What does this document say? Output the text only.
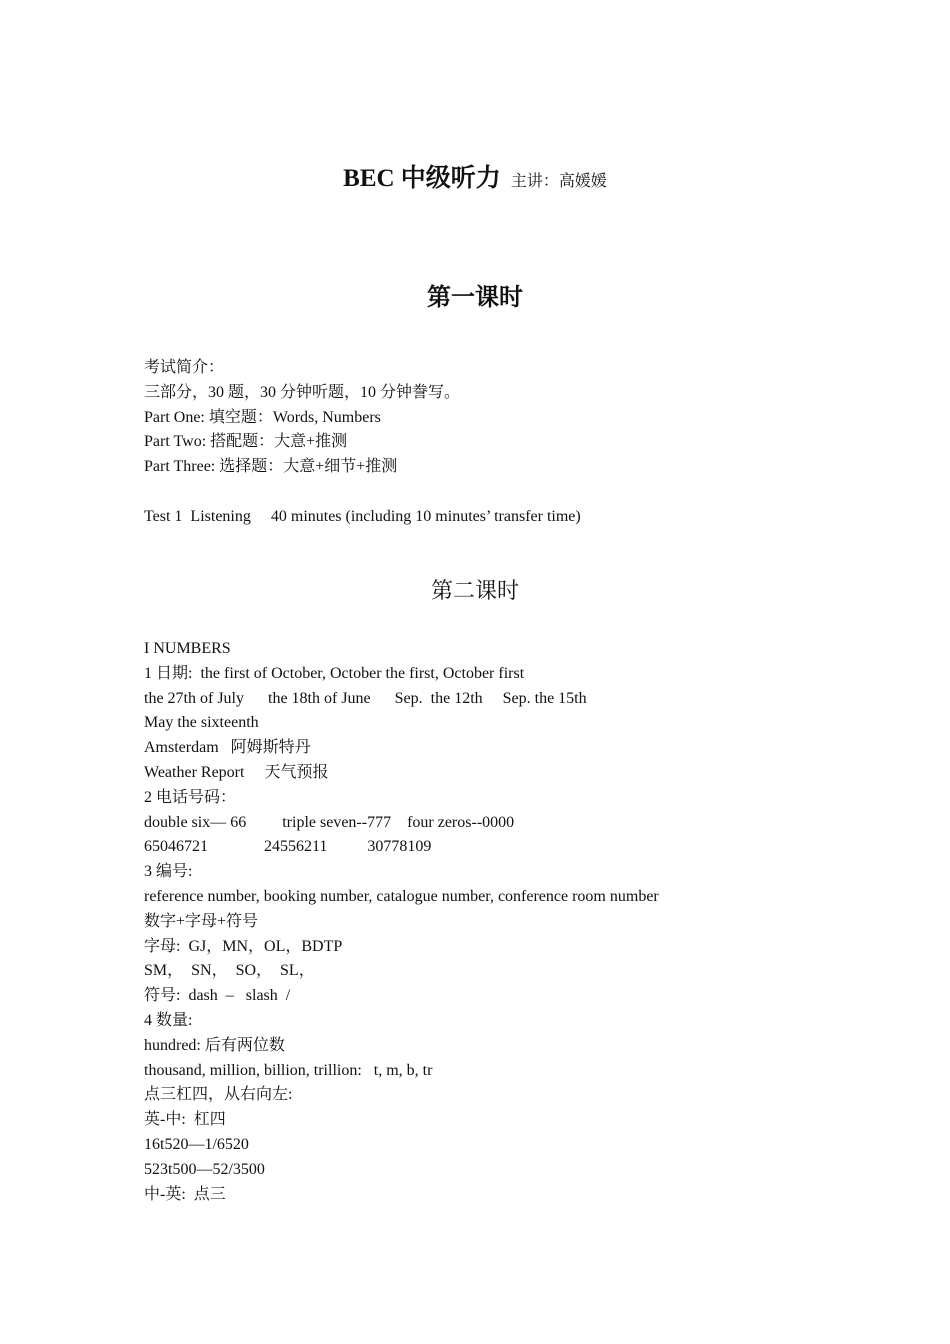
BEC 中级听力 主讲：高媛媛
第一课时
考试简介：
三部分，30 题，30 分钟听题，10 分钟誊写。
Part One: 填空题：Words, Numbers
Part Two: 搭配题：大意+推测
Part Three: 选择题：大意+细节+推测
Test 1  Listening     40 minutes (including 10 minutes’ transfer time)
第二课时
I NUMBERS
1 日期:  the first of October, October the first, October first
the 27th of July      the 18th of June      Sep.  the 12th     Sep. the 15th
May the sixteenth
Amsterdam   阿姆斯特丹
Weather Report     天气预报
2 电话号码：
double six— 66         triple seven--777    four zeros--0000
65046721              24556211          30778109
3 编号:
reference number, booking number, catalogue number, conference room number
数字+字母+符号
字母:  GJ，MN，OL，BDTP
SM，  SN，  SO，  SL，
符号:  dash  –   slash  /
4 数量:
hundred: 后有两位数
thousand, million, billion, trillion:   t, m, b, tr
点三杠四，从右向左:
英-中:  杠四
16t520—1/6520
523t500—52/3500
中-英:  点三
